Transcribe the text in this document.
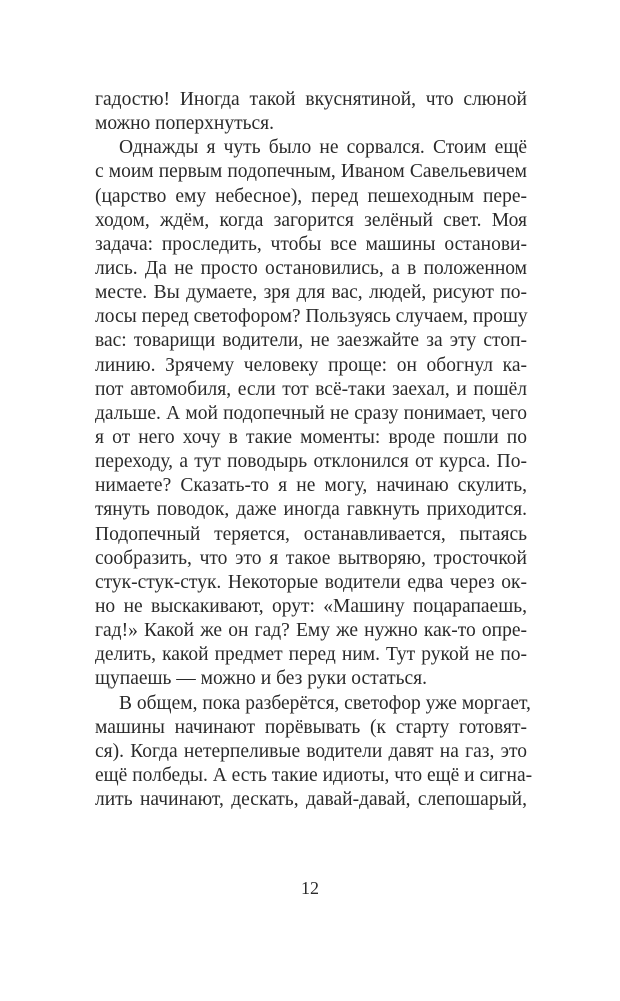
гадостю! Иногда такой вкуснятиной, что слюной
можно поперхнуться.
Однажды я чуть было не сорвался. Стоим ещё
с моим первым подопечным, Иваном Савельевичем
(царство ему небесное), перед пешеходным пере-
ходом, ждём, когда загорится зелёный свет. Моя
задача: проследить, чтобы все машины останови-
лись. Да не просто остановились, а в положенном
месте. Вы думаете, зря для вас, людей, рисуют по-
лосы перед светофором? Пользуясь случаем, прошу
вас: товарищи водители, не заезжайте за эту стоп-
линию. Зрячему человеку проще: он обогнул ка-
пот автомобиля, если тот всё-таки заехал, и пошёл
дальше. А мой подопечный не сразу понимает, чего
я от него хочу в такие моменты: вроде пошли по
переходу, а тут поводырь отклонился от курса. По-
нимаете? Сказать-то я не могу, начинаю скулить,
тянуть поводок, даже иногда гавкнуть приходится.
Подопечный теряется, останавливается, пытаясь
сообразить, что это я такое вытворяю, тросточкой
стук-стук-стук. Некоторые водители едва через ок-
но не выскакивают, орут: «Машину поцарапаешь,
гад!» Какой же он гад? Ему же нужно как-то опре-
делить, какой предмет перед ним. Тут рукой не по-
щупаешь — можно и без руки остаться.
В общем, пока разберётся, светофор уже моргает,
машины начинают порёвывать (к старту готовят-
ся). Когда нетерпеливые водители давят на газ, это
ещё полбеды. А есть такие идиоты, что ещё и сигна-
лить начинают, дескать, давай-давай, слепошарый,
12
